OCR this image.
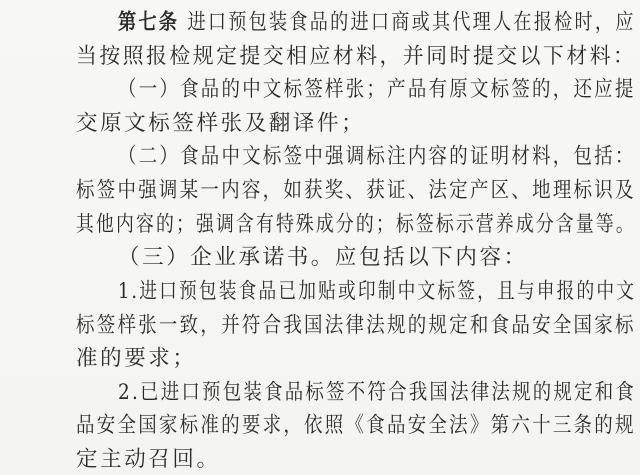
第七条 进口预包装食品的进口商或其代理人在报检时，应
当按照报检规定提交相应材料，并同时提交以下材料：
（一）食品的中文标签样张；产品有原文标签的，还应提
交原文标签样张及翻译件；
（二）食品中文标签中强调标注内容的证明材料，包括：
标签中强调某一内容，如获奖、获证、法定产区、地理标识及
其他内容的；强调含有特殊成分的；标签标示营养成分含量等。
（三）企业承诺书。应包括以下内容：
1.进口预包装食品已加贴或印制中文标签，且与申报的中文
标签样张一致，并符合我国法律法规的规定和食品安全国家标
准的要求；
2.已进口预包装食品标签不符合我国法律法规的规定和食
品安全国家标准的要求，依照《食品安全法》第六十三条的规
定主动召回。
